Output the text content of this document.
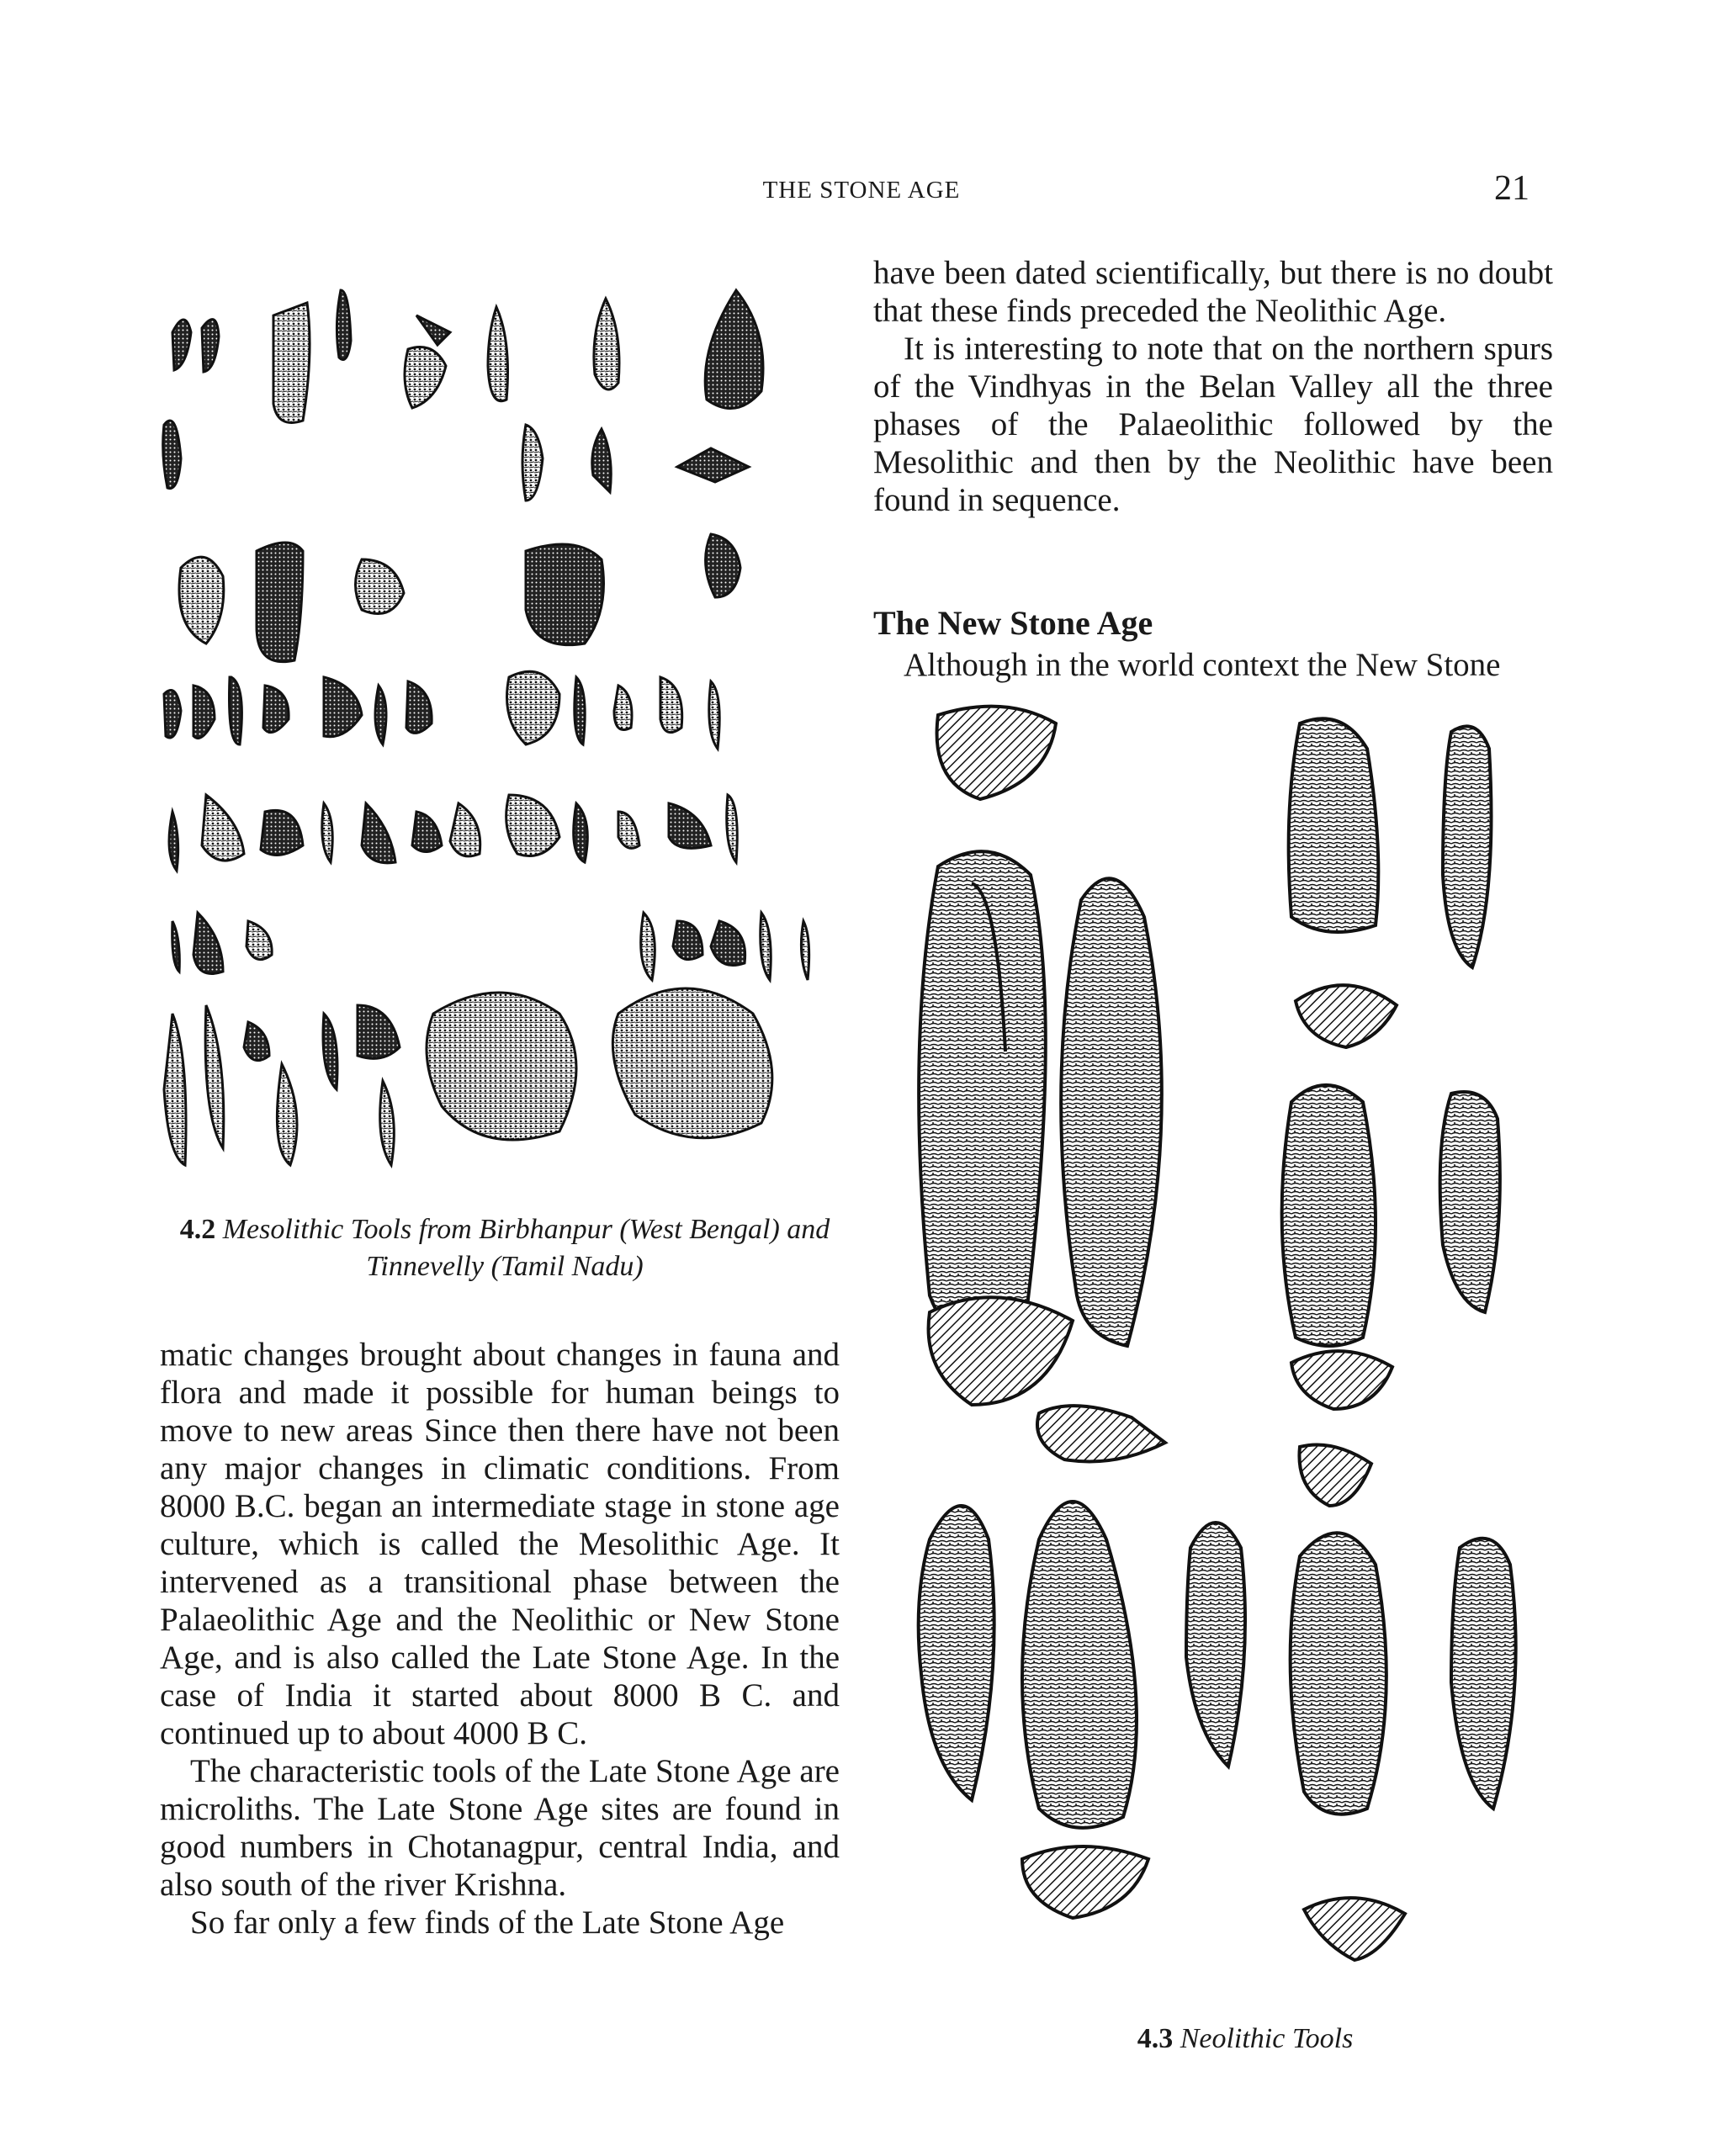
THE STONE AGE	21
4.2 Mesolithic Tools from Birbhanpur (West Bengal) and Tinnevelly (Tamil Nadu)

have been dated scientifically, but there is no doubt that these finds preceded the Neolithic Age.

It is interesting to note that on the northern spurs of the Vindhyas in the Belan Valley all the three phases of the Palaeolithic followed by the Mesolithic and then by the Neolithic have been found in sequence.

The New Stone Age

Although in the world context the New Stone

4.3 Neolithic Tools

matic changes brought about changes in fauna and flora and made it possible for human beings to move to new areas Since then there have not been any major changes in climatic conditions. From 8000 B.C. began an intermediate stage in stone age culture, which is called the Mesolithic Age. It intervened as a transitional phase between the Palaeolithic Age and the Neolithic or New Stone Age, and is also called the Late Stone Age. In the case of India it started about 8000 B C. and continued up to about 4000 B C.

The characteristic tools of the Late Stone Age are microliths. The Late Stone Age sites are found in good numbers in Chotanagpur, central India, and also south of the river Krishna.

So far only a few finds of the Late Stone Age
